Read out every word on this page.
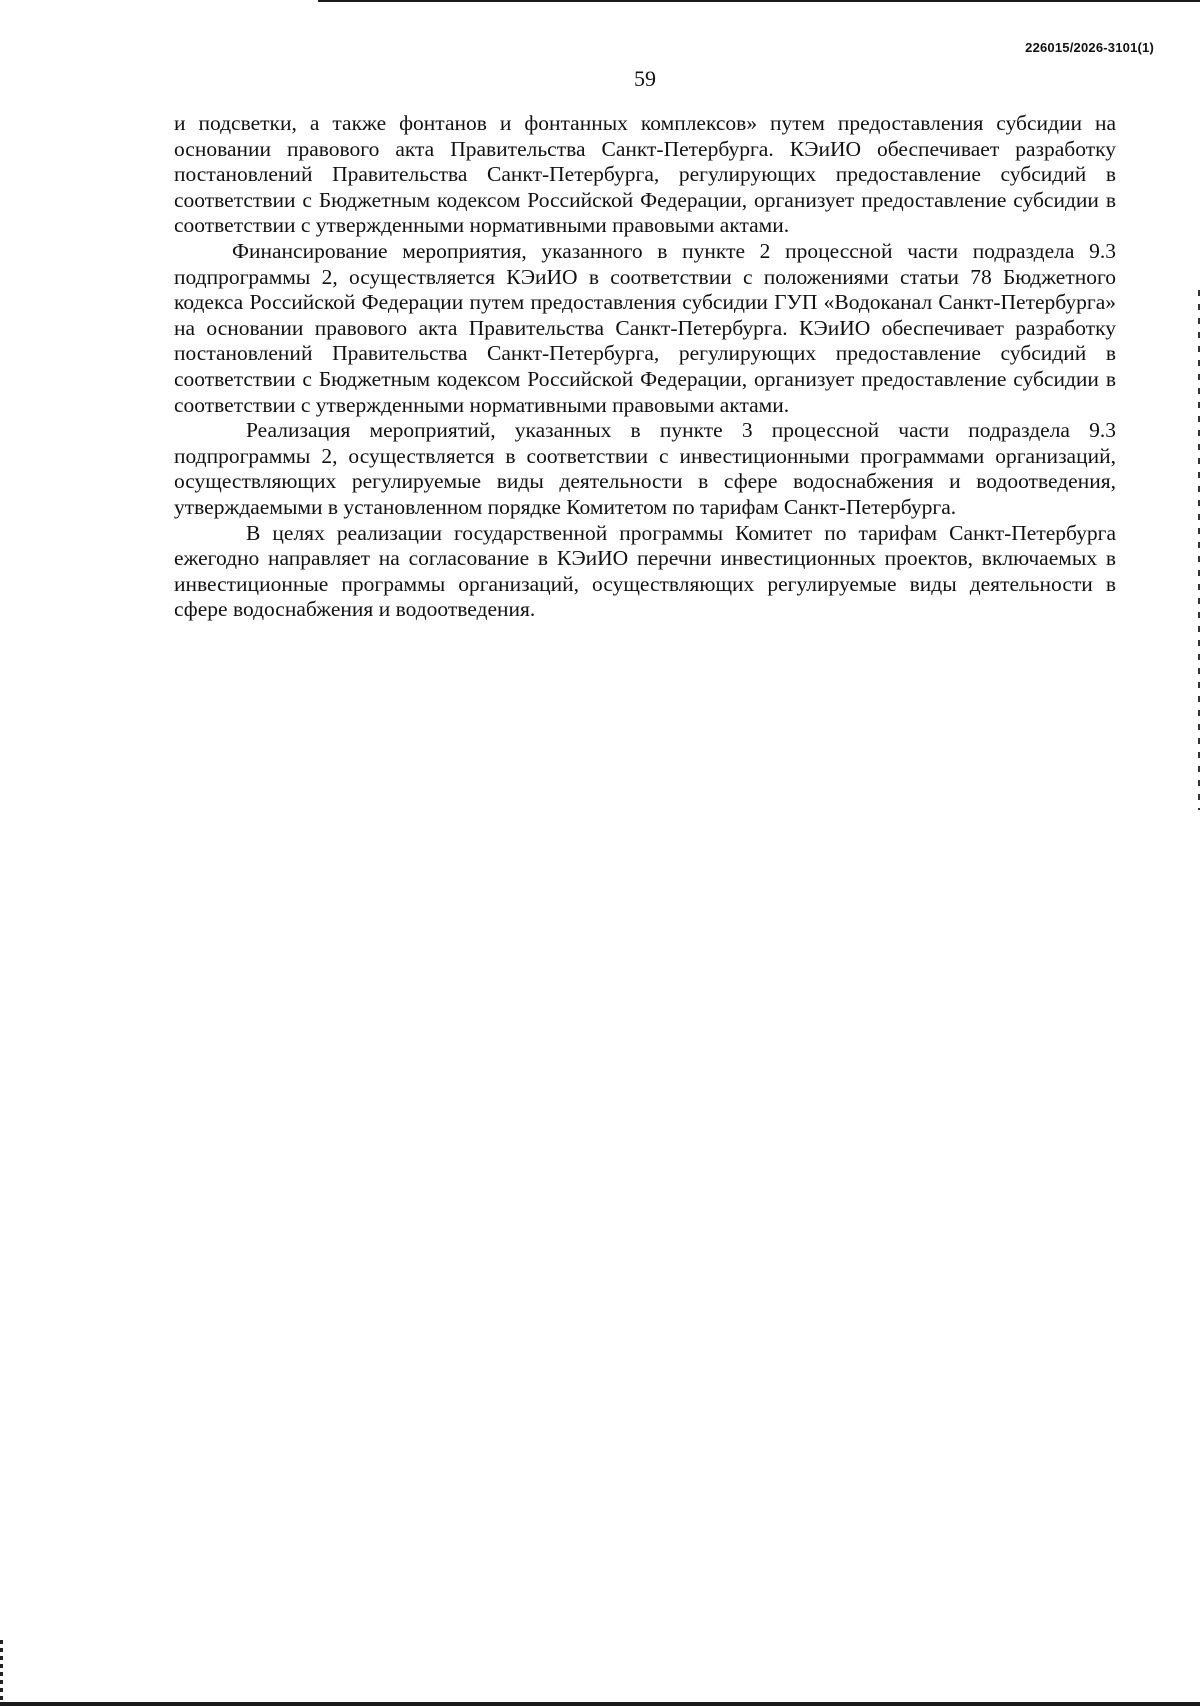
226015/2026-3101(1)
59

и подсветки, а также фонтанов и фонтанных комплексов» путем предоставления субсидии на основании правового акта Правительства Санкт-Петербурга. КЭиИО обеспечивает разработку постановлений Правительства Санкт-Петербурга, регулирующих предоставление субсидий в соответствии с Бюджетным кодексом Российской Федерации, организует предоставление субсидии в соответствии с утвержденными нормативными правовыми актами.

Финансирование мероприятия, указанного в пункте 2 процессной части подраздела 9.3 подпрограммы 2, осуществляется КЭиИО в соответствии с положениями статьи 78 Бюджетного кодекса Российской Федерации путем предоставления субсидии ГУП «Водоканал Санкт-Петербурга» на основании правового акта Правительства Санкт-Петербурга. КЭиИО обеспечивает разработку постановлений Правительства Санкт-Петербурга, регулирующих предоставление субсидий в соответствии с Бюджетным кодексом Российской Федерации, организует предоставление субсидии в соответствии с утвержденными нормативными правовыми актами.

Реализация мероприятий, указанных в пункте 3 процессной части подраздела 9.3 подпрограммы 2, осуществляется в соответствии с инвестиционными программами организаций, осуществляющих регулируемые виды деятельности в сфере водоснабжения и водоотведения, утверждаемыми в установленном порядке Комитетом по тарифам Санкт-Петербурга.

В целях реализации государственной программы Комитет по тарифам Санкт-Петербурга ежегодно направляет на согласование в КЭиИО перечни инвестиционных проектов, включаемых в инвестиционные программы организаций, осуществляющих регулируемые виды деятельности в сфере водоснабжения и водоотведения.
